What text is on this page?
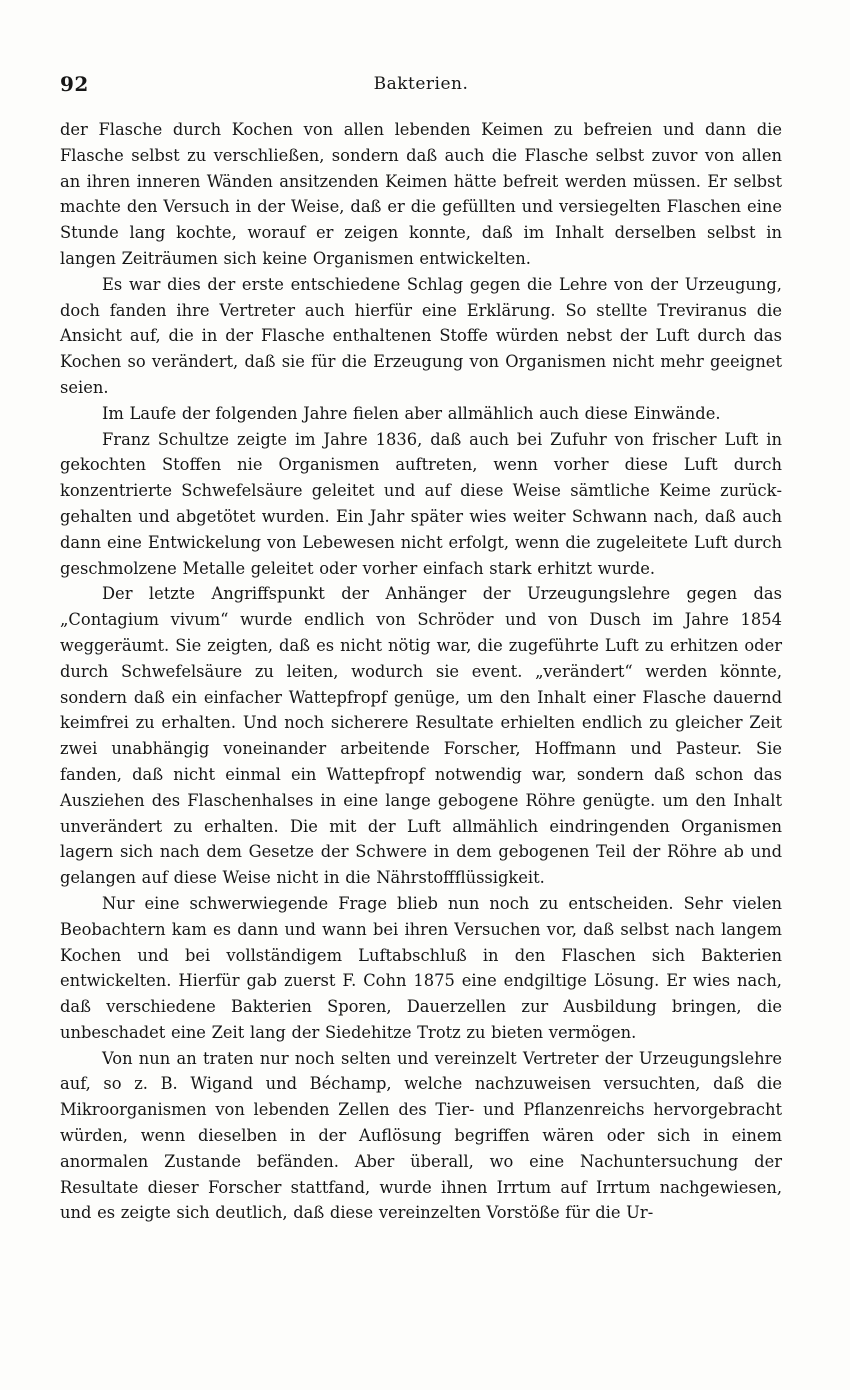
92	Bakterien.

der Flasche durch Kochen von allen lebenden Keimen zu befreien und dann die Flasche selbst zu verschließen, sondern daß auch die Flasche selbst zuvor von allen an ihren inneren Wänden ansitzenden Keimen hätte befreit werden müssen. Er selbst machte den Versuch in der Weise, daß er die gefüllten und versiegelten Flaschen eine Stunde lang kochte, worauf er zeigen konnte, daß im Inhalt derselben selbst in langen Zeiträumen sich keine Organismen entwickelten.

Es war dies der erste entschiedene Schlag gegen die Lehre von der Urzeugung, doch fanden ihre Vertreter auch hierfür eine Erklärung. So stellte Treviranus die Ansicht auf, die in der Flasche enthaltenen Stoffe würden nebst der Luft durch das Kochen so verändert, daß sie für die Erzeugung von Organismen nicht mehr geeignet seien.

Im Laufe der folgenden Jahre fielen aber allmählich auch diese Einwände.

Franz Schultze zeigte im Jahre 1836, daß auch bei Zufuhr von frischer Luft in gekochten Stoffen nie Organismen auftreten, wenn vorher diese Luft durch konzentrierte Schwefelsäure geleitet und auf diese Weise sämtliche Keime zurückgehalten und abgetötet wurden. Ein Jahr später wies weiter Schwann nach, daß auch dann eine Entwickelung von Lebewesen nicht erfolgt, wenn die zugeleitete Luft durch geschmolzene Metalle geleitet oder vorher einfach stark erhitzt wurde.

Der letzte Angriffspunkt der Anhänger der Urzeugungslehre gegen das „Contagium vivum“ wurde endlich von Schröder und von Dusch im Jahre 1854 weggeräumt. Sie zeigten, daß es nicht nötig war, die zugeführte Luft zu erhitzen oder durch Schwefelsäure zu leiten, wodurch sie event. „verändert“ werden könnte, sondern daß ein einfacher Wattepfropf genüge, um den Inhalt einer Flasche dauernd keimfrei zu erhalten. Und noch sicherere Resultate erhielten endlich zu gleicher Zeit zwei unabhängig voneinander arbeitende Forscher, Hoffmann und Pasteur. Sie fanden, daß nicht einmal ein Wattepfropf notwendig war, sondern daß schon das Ausziehen des Flaschenhalses in eine lange gebogene Röhre genügte. um den Inhalt unverändert zu erhalten. Die mit der Luft allmählich eindringenden Organismen lagern sich nach dem Gesetze der Schwere in dem gebogenen Teil der Röhre ab und gelangen auf diese Weise nicht in die Nährstoffflüssigkeit.

Nur eine schwerwiegende Frage blieb nun noch zu entscheiden. Sehr vielen Beobachtern kam es dann und wann bei ihren Versuchen vor, daß selbst nach langem Kochen und bei vollständigem Luftabschluß in den Flaschen sich Bakterien entwickelten. Hierfür gab zuerst F. Cohn 1875 eine endgiltige Lösung. Er wies nach, daß verschiedene Bakterien Sporen, Dauerzellen zur Ausbildung bringen, die unbeschadet eine Zeit lang der Siedehitze Trotz zu bieten vermögen.

Von nun an traten nur noch selten und vereinzelt Vertreter der Urzeugungslehre auf, so z. B. Wigand und Béchamp, welche nachzuweisen versuchten, daß die Mikroorganismen von lebenden Zellen des Tier- und Pflanzenreichs hervorgebracht würden, wenn dieselben in der Auflösung begriffen wären oder sich in einem anormalen Zustande befänden. Aber überall, wo eine Nachuntersuchung der Resultate dieser Forscher stattfand, wurde ihnen Irrtum auf Irrtum nachgewiesen, und es zeigte sich deutlich, daß diese vereinzelten Vorstöße für die Ur-
